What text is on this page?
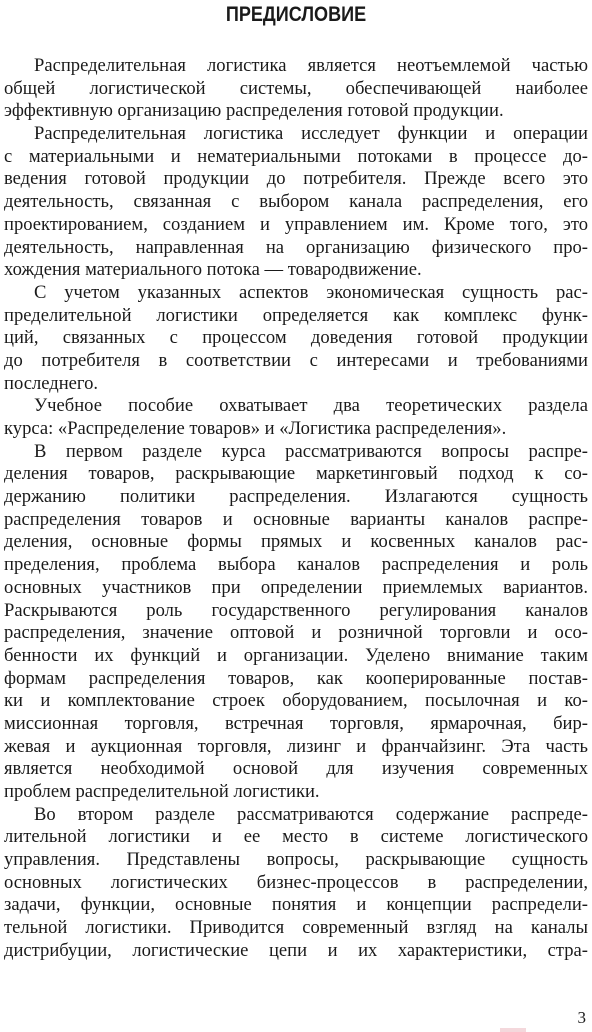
ПРЕДИСЛОВИЕ
Распределительная логистика является неотъемлемой частью
общей логистической системы, обеспечивающей наиболее
эффективную организацию распределения готовой продукции.
Распределительная логистика исследует функции и операции
с материальными и нематериальными потоками в процессе до-
ведения готовой продукции до потребителя. Прежде всего это
деятельность, связанная с выбором канала распределения, его
проектированием, созданием и управлением им. Кроме того, это
деятельность, направленная на организацию физического про-
хождения материального потока — товародвижение.
С учетом указанных аспектов экономическая сущность рас-
пределительной логистики определяется как комплекс функ-
ций, связанных с процессом доведения готовой продукции
до потребителя в соответствии с интересами и требованиями
последнего.
Учебное пособие охватывает два теоретических раздела
курса: «Распределение товаров» и «Логистика распределения».
В первом разделе курса рассматриваются вопросы распре-
деления товаров, раскрывающие маркетинговый подход к со-
держанию политики распределения. Излагаются сущность
распределения товаров и основные варианты каналов распре-
деления, основные формы прямых и косвенных каналов рас-
пределения, проблема выбора каналов распределения и роль
основных участников при определении приемлемых вариантов.
Раскрываются роль государственного регулирования каналов
распределения, значение оптовой и розничной торговли и осо-
бенности их функций и организации. Уделено внимание таким
формам распределения товаров, как кооперированные постав-
ки и комплектование строек оборудованием, посылочная и ко-
миссионная торговля, встречная торговля, ярмарочная, бир-
жевая и аукционная торговля, лизинг и франчайзинг. Эта часть
является необходимой основой для изучения современных
проблем распределительной логистики.
Во втором разделе рассматриваются содержание распреде-
лительной логистики и ее место в системе логистического
управления. Представлены вопросы, раскрывающие сущность
основных логистических бизнес-процессов в распределении,
задачи, функции, основные понятия и концепции распредели-
тельной логистики. Приводится современный взгляд на каналы
дистрибуции, логистические цепи и их характеристики, стра-
3
